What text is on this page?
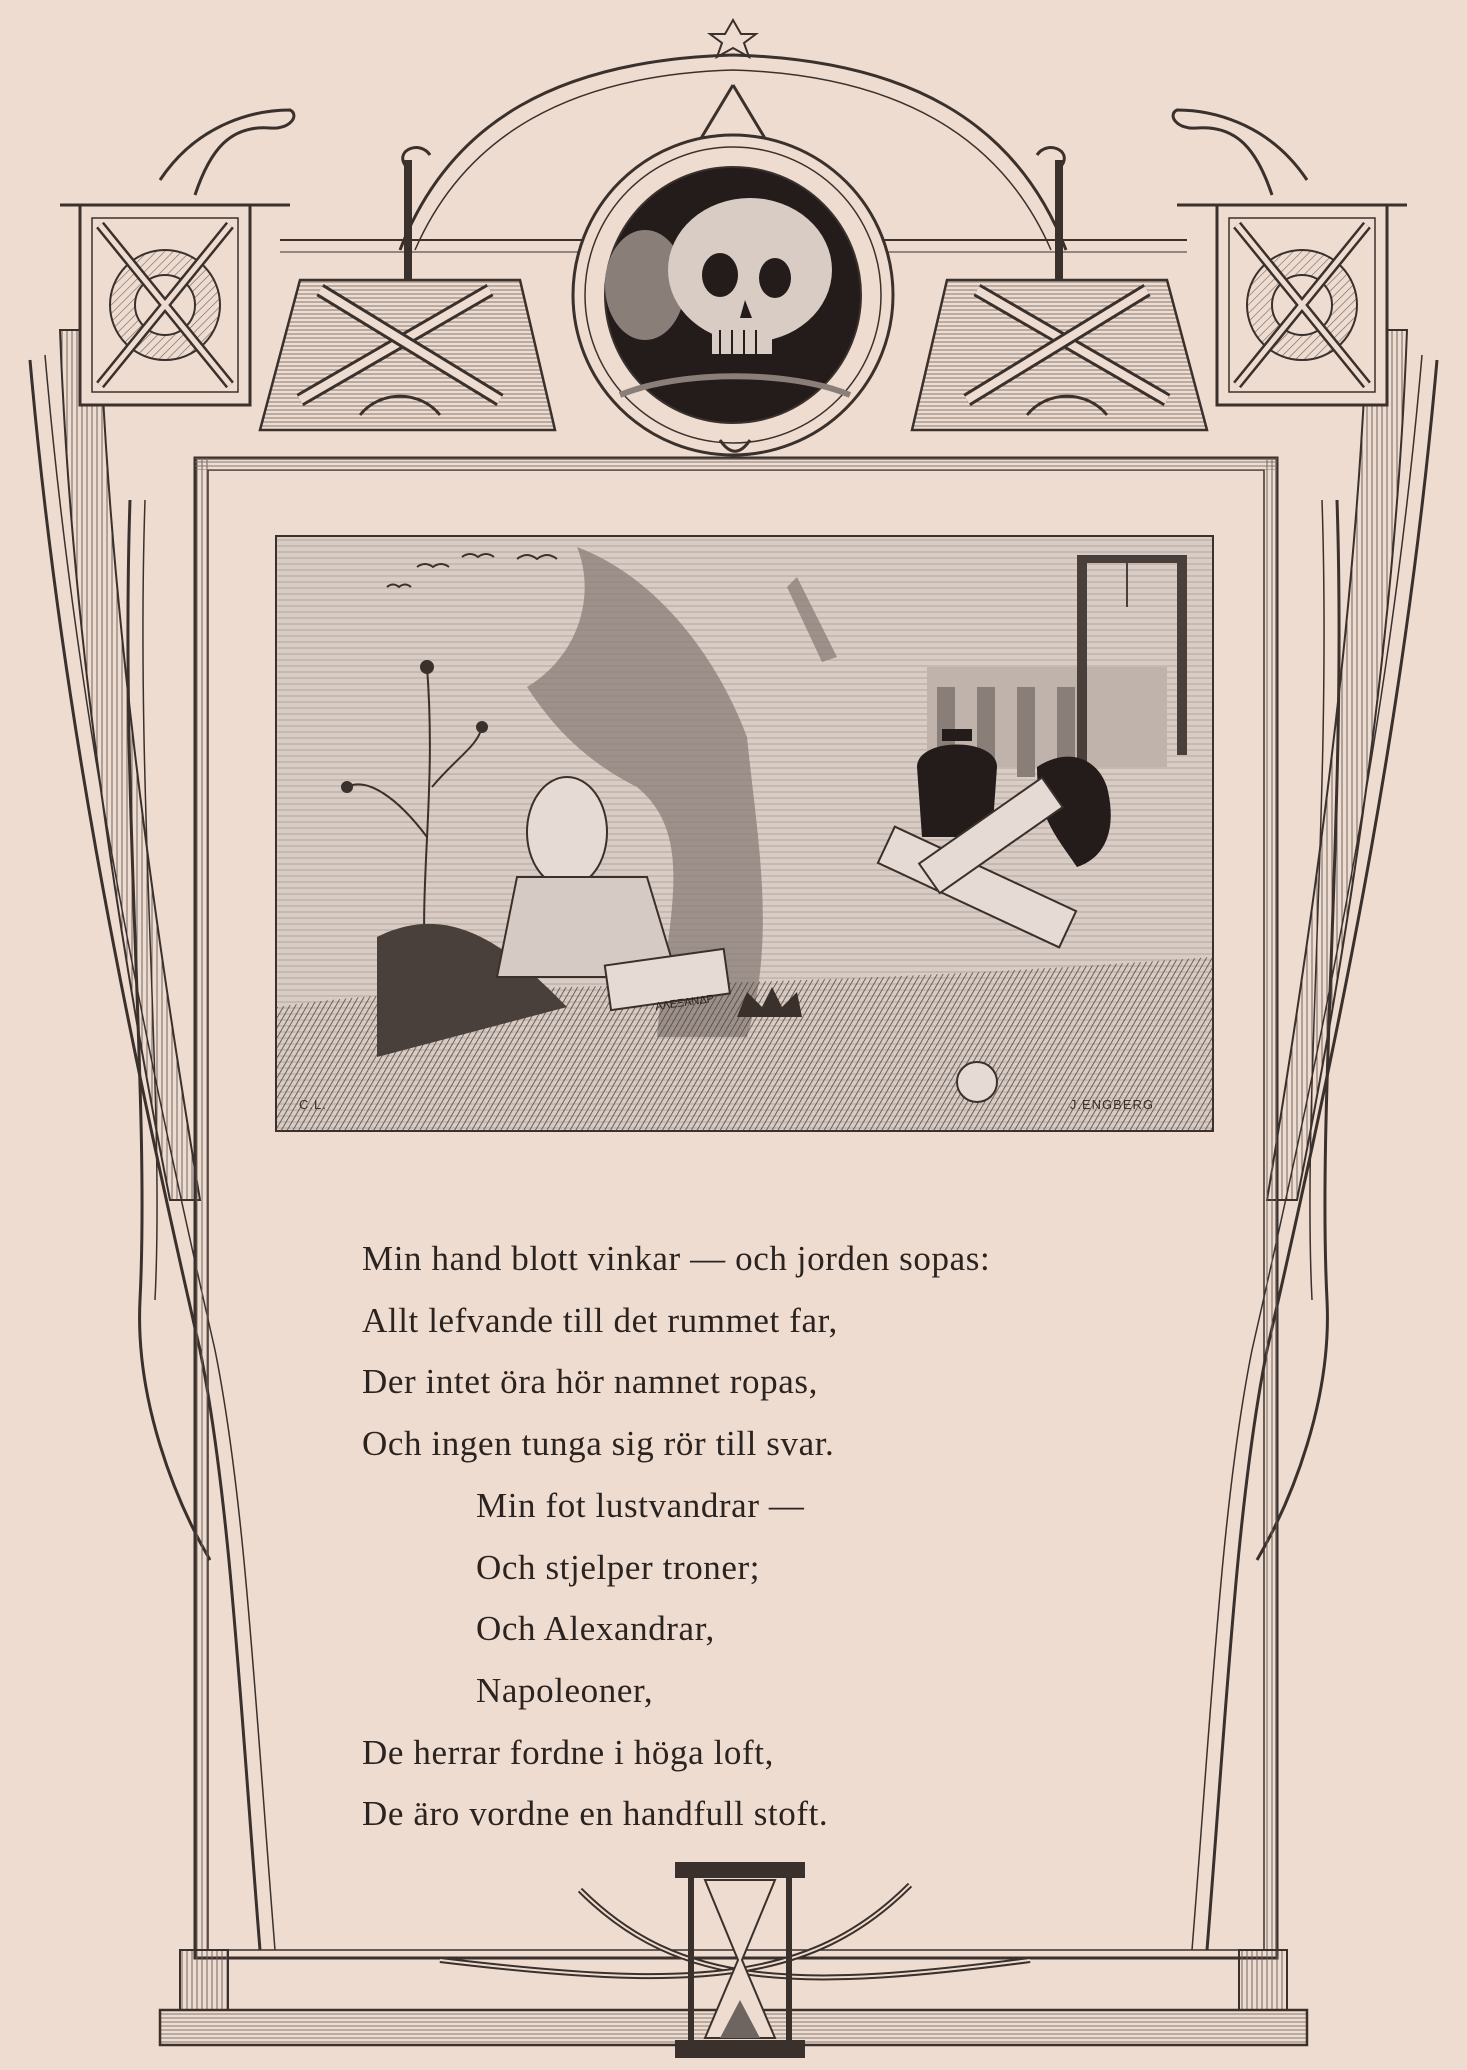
ΑΛΕΞΑΝΔΡ
C.L.	J.ENGBERG
Min hand blott vinkar — och jorden sopas:
Allt lefvande till det rummet far,
Der intet öra hör namnet ropas,
Och ingen tunga sig rör till svar.
Min fot lustvandrar —
Och stjelper troner;
Och Alexandrar,
Napoleoner,
De herrar fordne i höga loft,
De äro vordne en handfull stoft.
